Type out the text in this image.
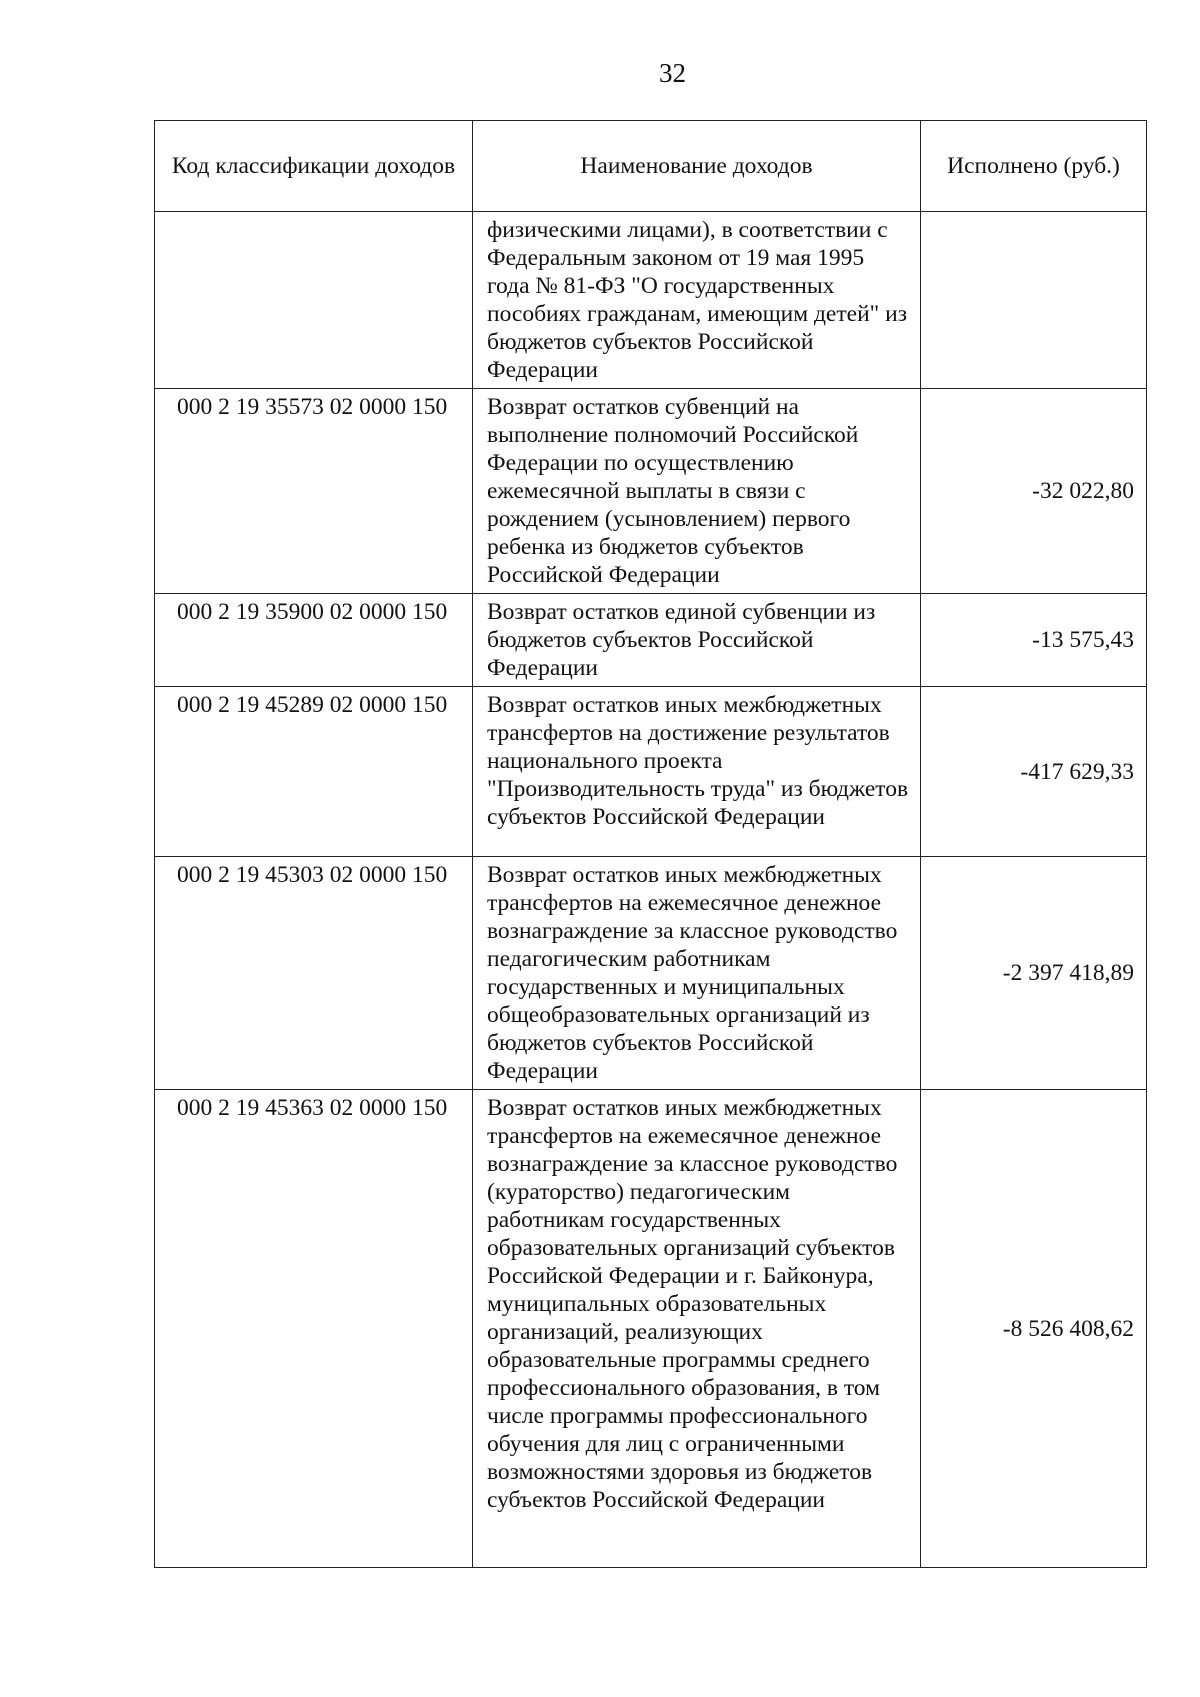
32
Код классификации доходов	Наименование доходов	Исполнено (руб.)
	физическими лицами), в соответствии с Федеральным законом от 19 мая 1995 года № 81-ФЗ "О государственных пособиях гражданам, имеющим детей" из бюджетов субъектов Российской Федерации	
000 2 19 35573 02 0000 150	Возврат остатков субвенций на выполнение полномочий Российской Федерации по осуществлению ежемесячной выплаты в связи с рождением (усыновлением) первого ребенка из бюджетов субъектов Российской Федерации	-32 022,80
000 2 19 35900 02 0000 150	Возврат остатков единой субвенции из бюджетов субъектов Российской Федерации	-13 575,43
000 2 19 45289 02 0000 150	Возврат остатков иных межбюджетных трансфертов на достижение результатов национального проекта "Производительность труда" из бюджетов субъектов Российской Федерации	-417 629,33
000 2 19 45303 02 0000 150	Возврат остатков иных межбюджетных трансфертов на ежемесячное денежное вознаграждение за классное руководство педагогическим работникам государственных и муниципальных общеобразовательных организаций из бюджетов субъектов Российской Федерации	-2 397 418,89
000 2 19 45363 02 0000 150	Возврат остатков иных межбюджетных трансфертов на ежемесячное денежное вознаграждение за классное руководство (кураторство) педагогическим работникам государственных образовательных организаций субъектов Российской Федерации и г. Байконура, муниципальных образовательных организаций, реализующих образовательные программы среднего профессионального образования, в том числе программы профессионального обучения для лиц с ограниченными возможностями здоровья из бюджетов субъектов Российской Федерации	-8 526 408,62
